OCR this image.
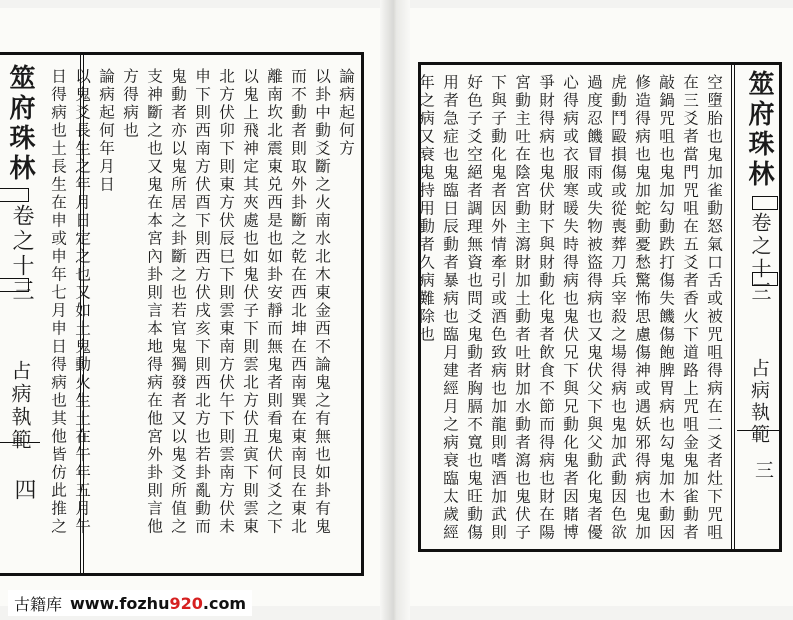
筮府珠林
卷之十三
占病執範
四
論病起何方
以卦中動爻斷之火南水北木東金西不論鬼之有無也如卦有鬼
而不動者則取外卦斷之乾在西北坤在西南巽在東南艮在東北
離南坎北震東兑西是也如卦安靜而無鬼者則看鬼伏何爻之下
以鬼上飛神定其夾處也如鬼伏子下則雲北方伏丑寅下則雲東
北方伏卯下則東方伏辰巳下則雲東南方伏午下則雲南方伏未
申下則西南方伏酉下則西方伏戌亥下則西北方也若卦亂動而
鬼動者亦以鬼所居之卦斷之也若官鬼獨發者又以鬼爻所值之
支神斷之也又鬼在本宮內卦則言本地得病在他宮外卦則言他
方得病也
論病起何年月日
以鬼爻長生之年月日定之也又如土鬼動火生土在午年五月午
日得病也土長生在申或申年七月申日得病也其他皆仿此推之	筮府珠林
卷之十三
占病執範
三
空墮胎也鬼加雀動怒氣口舌或被咒咀得病在二爻者灶下咒咀
在三爻者當門咒咀在五爻者香火下道路上咒咀金鬼加雀動者
敲鍋咒咀也鬼加勾動跌打傷失饑傷飽脾胃病也勾鬼加木動因
修造得病也鬼加蛇動憂愁驚怖思慮傷神或遇妖邪得病也鬼加
虎動鬥毆損傷或從喪葬刀兵宰殺之場得病也鬼加武動因色欲
過度忍饑冒雨或失物被盜得病也又鬼伏父下與父動化鬼者優
心得病或衣服寒暖失時得病也鬼伏兄下與兄動化鬼者因賭博
爭財得病也鬼伏財下與財動化鬼者飲食不節而得病也財在陽
宮動主吐在陰宮動主瀉財加土動者吐財加水動者瀉也鬼伏子
下與子動化鬼者因外情牽引或酒色致病也加龍則嗜酒加武則
好色子爻空絕者調理無資也問爻鬼動者胸膈不寬也鬼旺動傷
用者急症也鬼臨日辰動者暴病也臨月建經月之病衰臨太歲經
年之病又衰鬼持用動者久病難除也
古籍库 www.fozhu920.com
